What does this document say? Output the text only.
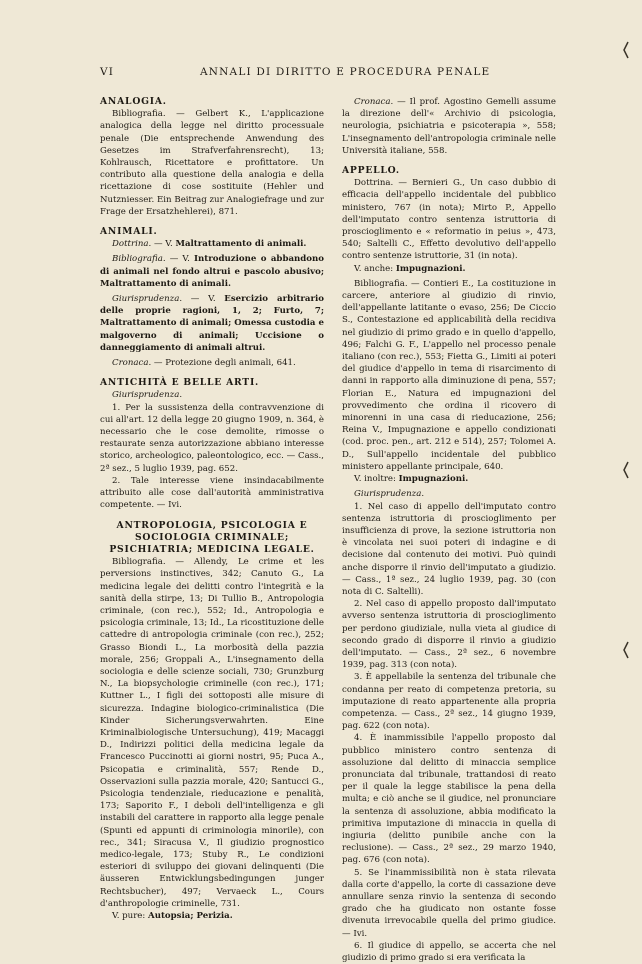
VI	ANNALI DI DIRITTO E PROCEDURA PENALE

ANALOGIA.

Bibliografia. — Gelbert K., L'applicazione analogica della legge nel diritto processuale penale (Die entsprechende Anwendung des Gesetzes im Strafverfahrensrecht), 13; Kohlrausch, Ricettatore e profittatore. Un contributo alla questione della analogia e della ricettazione di cose sostituite (Hehler und Nutzniesser. Ein Beitrag zur Analogiefrage und zur Frage der Ersatzhehlerei), 871.

ANIMALI.

Dottrina. — V. Maltrattamento di animali.

Bibliografia. — V. Introduzione o abbandono di animali nel fondo altrui e pascolo abusivo; Maltrattamento di animali.

Giurisprudenza. — V. Esercizio arbitrario delle proprie ragioni, 1, 2; Furto, 7; Maltrattamento di animali; Omessa custodia e malgoverno di animali; Uccisione o danneggiamento di animali altrui.

Cronaca. — Protezione degli animali, 641.

ANTICHITÀ E BELLE ARTI.

Giurisprudenza.

1. Per la sussistenza della contravvenzione di cui all'art. 12 della legge 20 giugno 1909, n. 364, è necessario che le cose demolite, rimosse o restaurate senza autorizzazione abbiano interesse storico, archeologico, paleontologico, ecc. — Cass., 2ª sez., 5 luglio 1939, pag. 652.

2. Tale interesse viene insindacabilmente attribuito alle cose dall'autorità amministrativa competente. — Ivi.

ANTROPOLOGIA, PSICOLOGIA E SOCIOLOGIA CRIMINALE; PSICHIATRIA; MEDICINA LEGALE.

Bibliografia. — Allendy, Le crime et les perversions instinctives, 342; Canuto G., La medicina legale dei delitti contro l'integrità e la sanità della stirpe, 13; Di Tullio B., Antropologia criminale, (con rec.), 552; Id., Antropologia e psicologia criminale, 13; Id., La ricostituzione delle cattedre di antropologia criminale (con rec.), 252; Grasso Biondi L., La morbosità della pazzia morale, 256; Groppali A., L'insegnamento della sociologia e delle scienze sociali, 730; Grunzburg N., La biopsychologie criminelle (con rec.), 171; Kuttner L., I figli dei sottoposti alle misure di sicurezza. Indagine biologico-criminalistica (Die Kinder Sicherungsverwahrten. Eine Kriminalbiologische Untersuchung), 419; Macaggi D., Indirizzi politici della medicina legale da Francesco Puccinotti ai giorni nostri, 95; Puca A., Psicopatia e criminalità, 557; Rende D., Osservazioni sulla pazzia morale, 420; Santucci G., Psicologia tendenziale, rieducazione e penalità, 173; Saporito F., I deboli dell'intelligenza e gli instabili del carattere in rapporto alla legge penale (Spunti ed appunti di criminologia minorile), con rec., 341; Siracusa V., Il giudizio prognostico medico-legale, 173; Stuby R., Le condizioni esteriori di sviluppo dei giovani delinquenti (Die äusseren Entwicklungsbedingungen junger Rechtsbucher), 497; Vervaeck L., Cours d'anthropologie criminelle, 731.

V. pure: Autopsia; Perizia.

Cronaca. — Il prof. Agostino Gemelli assume la direzione dell'« Archivio di psicologia, neurologia, psichiatria e psicoterapia », 558; L'insegnamento dell'antropologia criminale nelle Università italiane, 558.

APPELLO.

Dottrina. — Bernieri G., Un caso dubbio di efficacia dell'appello incidentale del pubblico ministero, 767 (in nota); Mirto P., Appello dell'imputato contro sentenza istruttoria di proscioglimento e « reformatio in peius », 473, 540; Saltelli C., Effetto devolutivo dell'appello contro sentenze istruttorie, 31 (in nota).

V. anche: Impugnazioni.

Bibliografia. — Contieri E., La costituzione in carcere, anteriore al giudizio di rinvio, dell'appellante latitante o evaso, 256; De Ciccio S., Contestazione ed applicabilità della recidiva nel giudizio di primo grado e in quello d'appello, 496; Falchi G. F., L'appello nel processo penale italiano (con rec.), 553; Fietta G., Limiti ai poteri del giudice d'appello in tema di risarcimento di danni in rapporto alla diminuzione di pena, 557; Florian E., Natura ed impugnazioni del provvedimento che ordina il ricovero di minorenni in una casa di rieducazione, 256; Reina V., Impugnazione e appello condizionati (cod. proc. pen., art. 212 e 514), 257; Tolomei A. D., Sull'appello incidentale del pubblico ministero appellante principale, 640.

V. inoltre: Impugnazioni.

Giurisprudenza.

1. Nel caso di appello dell'imputato contro sentenza istruttoria di proscioglimento per insufficienza di prove, la sezione istruttoria non è vincolata nei suoi poteri di indagine e di decisione dal contenuto dei motivi. Può quindi anche disporre il rinvio dell'imputato a giudizio. — Cass., 1ª sez., 24 luglio 1939, pag. 30 (con nota di C. Saltelli).

2. Nel caso di appello proposto dall'imputato avverso sentenza istruttoria di proscioglimento per perdono giudiziale, nulla vieta al giudice di secondo grado di disporre il rinvio a giudizio dell'imputato. — Cass., 2ª sez., 6 novembre 1939, pag. 313 (con nota).

3. È appellabile la sentenza del tribunale che condanna per reato di competenza pretoria, su imputazione di reato appartenente alla propria competenza. — Cass., 2ª sez., 14 giugno 1939, pag. 622 (con nota).

4. È inammissibile l'appello proposto dal pubblico ministero contro sentenza di assoluzione dal delitto di minaccia semplice pronunciata dal tribunale, trattandosi di reato per il quale la legge stabilisce la pena della multa; e ciò anche se il giudice, nel pronunciare la sentenza di assoluzione, abbia modificato la primitiva imputazione di minaccia in quella di ingiuria (delitto punibile anche con la reclusione). — Cass., 2ª sez., 29 marzo 1940, pag. 676 (con nota).

5. Se l'inammissibilità non è stata rilevata dalla corte d'appello, la corte di cassazione deve annullare senza rinvio la sentenza di secondo grado che ha giudicato non ostante fosse divenuta irrevocabile quella del primo giudice. — Ivi.

6. Il giudice di appello, se accerta che nel giudizio di primo grado si era verificata la
